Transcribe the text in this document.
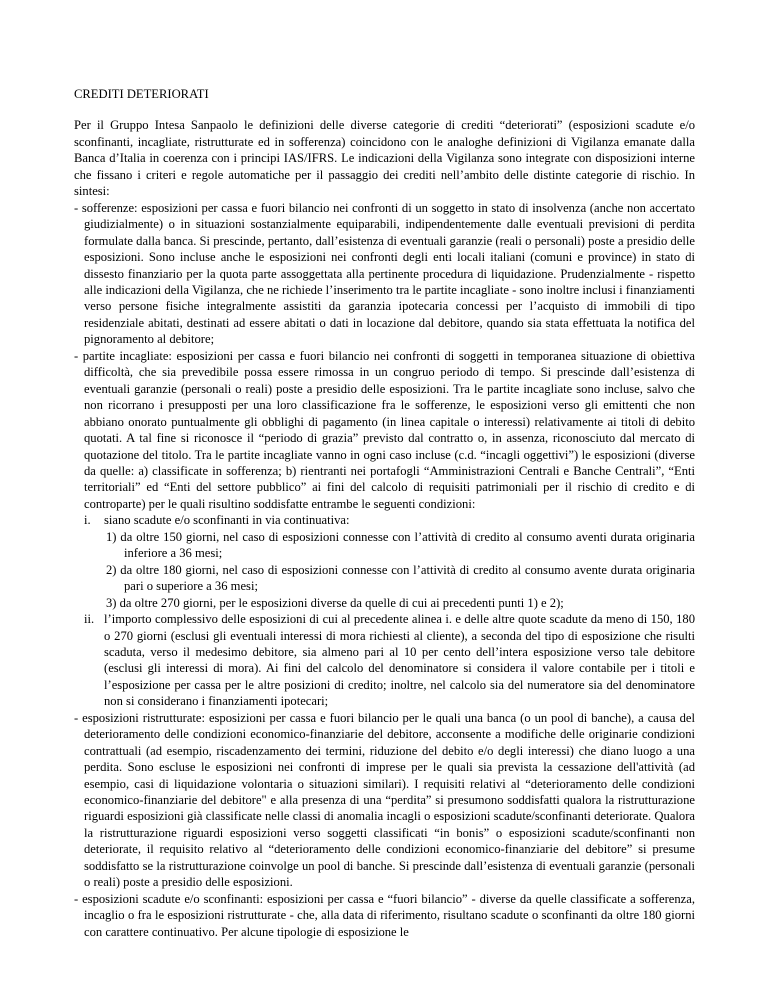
CREDITI DETERIORATI

Per il Gruppo Intesa Sanpaolo le definizioni delle diverse categorie di crediti “deteriorati” (esposizioni scadute e/o sconfinanti, incagliate, ristrutturate ed in sofferenza) coincidono con le analoghe definizioni di Vigilanza emanate dalla Banca d’Italia in coerenza con i principi IAS/IFRS. Le indicazioni della Vigilanza sono integrate con disposizioni interne che fissano i criteri e regole automatiche per il passaggio dei crediti nell’ambito delle distinte categorie di rischio. In sintesi:

- sofferenze: esposizioni per cassa e fuori bilancio nei confronti di un soggetto in stato di insolvenza (anche non accertato giudizialmente) o in situazioni sostanzialmente equiparabili, indipendentemente dalle eventuali previsioni di perdita formulate dalla banca. Si prescinde, pertanto, dall’esistenza di eventuali garanzie (reali o personali) poste a presidio delle esposizioni. Sono incluse anche le esposizioni nei confronti degli enti locali italiani (comuni e province) in stato di dissesto finanziario per la quota parte assoggettata alla pertinente procedura di liquidazione. Prudenzialmente - rispetto alle indicazioni della Vigilanza, che ne richiede l’inserimento tra le partite incagliate - sono inoltre inclusi i finanziamenti verso persone fisiche integralmente assistiti da garanzia ipotecaria concessi per l’acquisto di immobili di tipo residenziale abitati, destinati ad essere abitati o dati in locazione dal debitore, quando sia stata effettuata la notifica del pignoramento al debitore;

- partite incagliate: esposizioni per cassa e fuori bilancio nei confronti di soggetti in temporanea situazione di obiettiva difficoltà, che sia prevedibile possa essere rimossa in un congruo periodo di tempo. Si prescinde dall’esistenza di eventuali garanzie (personali o reali) poste a presidio delle esposizioni. Tra le partite incagliate sono incluse, salvo che non ricorrano i presupposti per una loro classificazione fra le sofferenze, le esposizioni verso gli emittenti che non abbiano onorato puntualmente gli obblighi di pagamento (in linea capitale o interessi) relativamente ai titoli di debito quotati. A tal fine si riconosce il “periodo di grazia” previsto dal contratto o, in assenza, riconosciuto dal mercato di quotazione del titolo. Tra le partite incagliate vanno in ogni caso incluse (c.d. “incagli oggettivi”) le esposizioni (diverse da quelle: a) classificate in sofferenza; b) rientranti nei portafogli “Amministrazioni Centrali e Banche Centrali”, “Enti territoriali” ed “Enti del settore pubblico” ai fini del calcolo di requisiti patrimoniali per il rischio di credito e di controparte) per le quali risultino soddisfatte entrambe le seguenti condizioni:

i. siano scadute e/o sconfinanti in via continuativa:

1) da oltre 150 giorni, nel caso di esposizioni connesse con l’attività di credito al consumo aventi durata originaria inferiore a 36 mesi;

2) da oltre 180 giorni, nel caso di esposizioni connesse con l’attività di credito al consumo avente durata originaria pari o superiore a 36 mesi;

3) da oltre 270 giorni, per le esposizioni diverse da quelle di cui ai precedenti punti 1) e 2);

ii. l’importo complessivo delle esposizioni di cui al precedente alinea i. e delle altre quote scadute da meno di 150, 180 o 270 giorni (esclusi gli eventuali interessi di mora richiesti al cliente), a seconda del tipo di esposizione che risulti scaduta, verso il medesimo debitore, sia almeno pari al 10 per cento dell’intera esposizione verso tale debitore (esclusi gli interessi di mora). Ai fini del calcolo del denominatore si considera il valore contabile per i titoli e l’esposizione per cassa per le altre posizioni di credito; inoltre, nel calcolo sia del numeratore sia del denominatore non si considerano i finanziamenti ipotecari;

- esposizioni ristrutturate: esposizioni per cassa e fuori bilancio per le quali una banca (o un pool di banche), a causa del deterioramento delle condizioni economico-finanziarie del debitore, acconsente a modifiche delle originarie condizioni contrattuali (ad esempio, riscadenzamento dei termini, riduzione del debito e/o degli interessi) che diano luogo a una perdita. Sono escluse le esposizioni nei confronti di imprese per le quali sia prevista la cessazione dell'attività (ad esempio, casi di liquidazione volontaria o situazioni similari). I requisiti relativi al “deterioramento delle condizioni economico-finanziarie del debitore" e alla presenza di una “perdita” si presumono soddisfatti qualora la ristrutturazione riguardi esposizioni già classificate nelle classi di anomalia incagli o esposizioni scadute/sconfinanti deteriorate. Qualora la ristrutturazione riguardi esposizioni verso soggetti classificati “in bonis” o esposizioni scadute/sconfinanti non deteriorate, il requisito relativo al “deterioramento delle condizioni economico-finanziarie del debitore” si presume soddisfatto se la ristrutturazione coinvolge un pool di banche. Si prescinde dall’esistenza di eventuali garanzie (personali o reali) poste a presidio delle esposizioni.

- esposizioni scadute e/o sconfinanti: esposizioni per cassa e “fuori bilancio” - diverse da quelle classificate a sofferenza, incaglio o fra le esposizioni ristrutturate - che, alla data di riferimento, risultano scadute o sconfinanti da oltre 180 giorni con carattere continuativo. Per alcune tipologie di esposizione le
